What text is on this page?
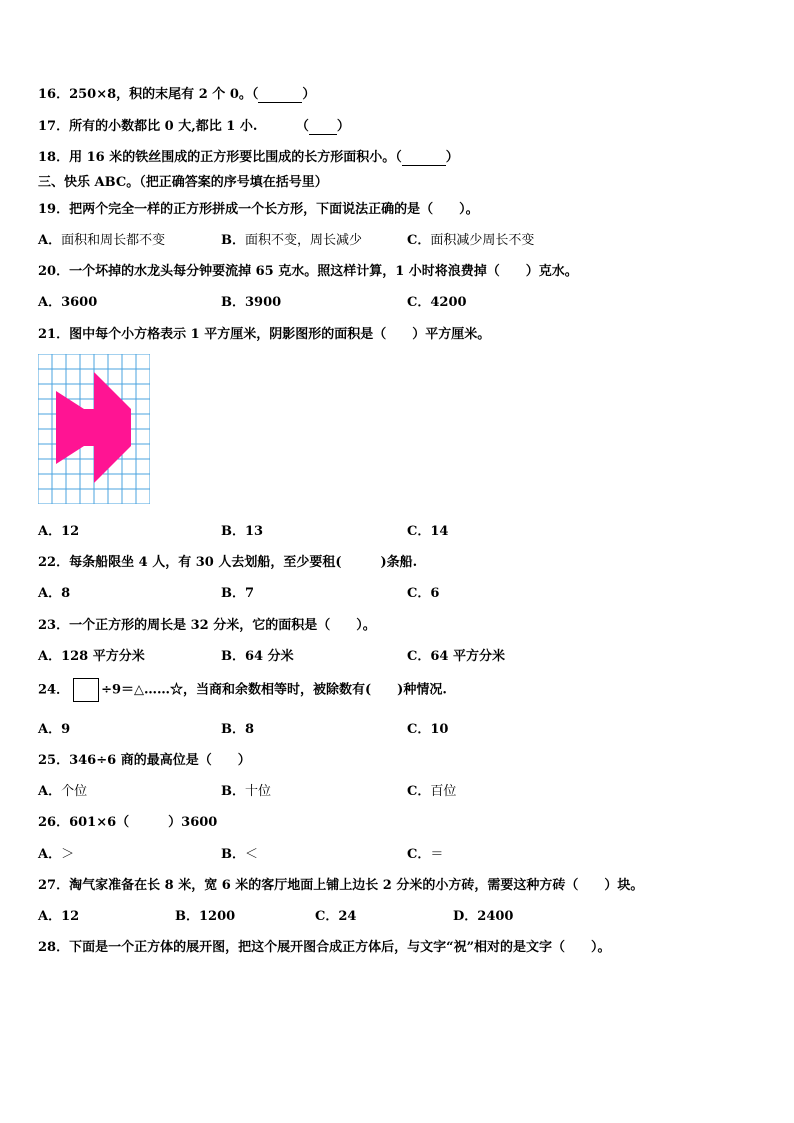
16．250×8，积的末尾有 2 个 0。（	）
17．所有的小数都比 0 大,都比 1 小.	（ ）
18．用 16 米的铁丝围成的正方形要比围成的长方形面积小。（	）
三、快乐 ABC。（把正确答案的序号填在括号里）
19．把两个完全一样的正方形拼成一个长方形，下面说法正确的是（　　）。
A．面积和周长都不变	B．面积不变，周长减少	C．面积减少周长不变
20．一个坏掉的水龙头每分钟要流掉 65 克水。照这样计算，1 小时将浪费掉（　　）克水。
A．3600	B．3900	C．4200
21．图中每个小方格表示 1 平方厘米，阴影图形的面积是（　　）平方厘米。
A．12	B．13	C．14
22．每条船限坐 4 人，有 30 人去划船，至少要租(　　　)条船.
A．8	B．7	C．6
23．一个正方形的周长是 32 分米，它的面积是（　　）。
A．128 平方分米	B．64 分米	C．64 平方分米
24． ÷9＝△……☆，当商和余数相等时，被除数有(　　)种情况.
A．9	B．8	C．10
25．346÷6 商的最高位是（　　）
A．个位	B．十位	C．百位
26．601×6（　　　）3600
A．＞	B．＜	C．＝
27．淘气家准备在长 8 米，宽 6 米的客厅地面上铺上边长 2 分米的小方砖，需要这种方砖（　　）块。
A．12	B．1200	C．24	D．2400
28．下面是一个正方体的展开图，把这个展开图合成正方体后，与文字“祝”相对的是文字（　　）。
